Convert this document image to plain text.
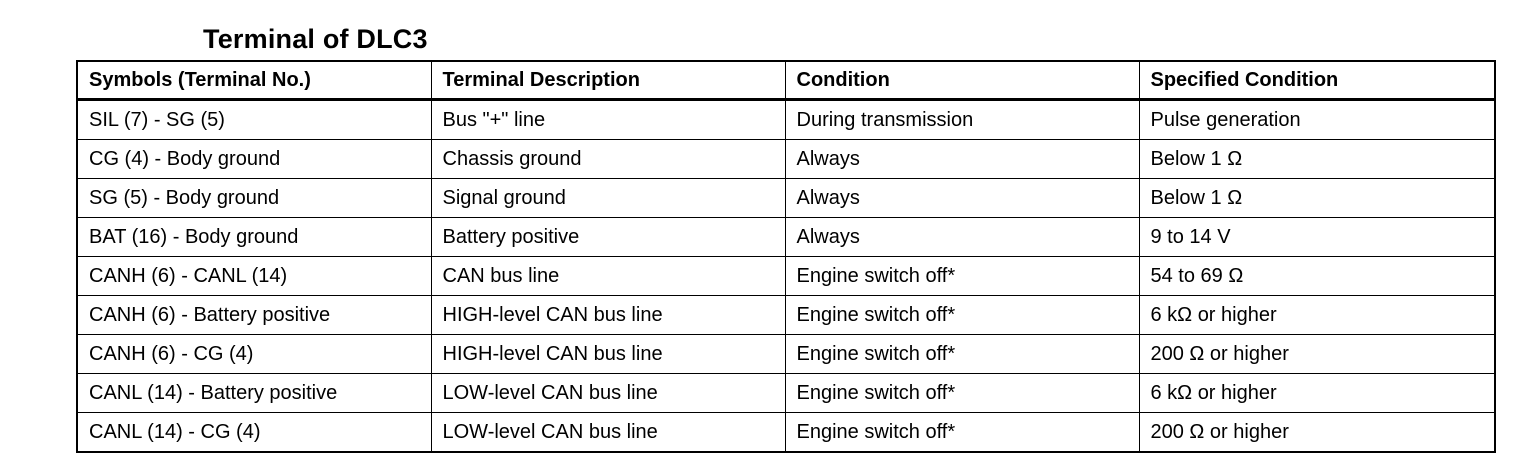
Terminal of DLC3
Symbols (Terminal No.)	Terminal Description	Condition	Specified Condition
SIL (7) - SG (5)	Bus "+" line	During transmission	Pulse generation
CG (4) - Body ground	Chassis ground	Always	Below 1 Ω
SG (5) - Body ground	Signal ground	Always	Below 1 Ω
BAT (16) - Body ground	Battery positive	Always	9 to 14 V
CANH (6) - CANL (14)	CAN bus line	Engine switch off*	54 to 69 Ω
CANH (6) - Battery positive	HIGH-level CAN bus line	Engine switch off*	6 kΩ or higher
CANH (6) - CG (4)	HIGH-level CAN bus line	Engine switch off*	200 Ω or higher
CANL (14) - Battery positive	LOW-level CAN bus line	Engine switch off*	6 kΩ or higher
CANL (14) - CG (4)	LOW-level CAN bus line	Engine switch off*	200 Ω or higher
